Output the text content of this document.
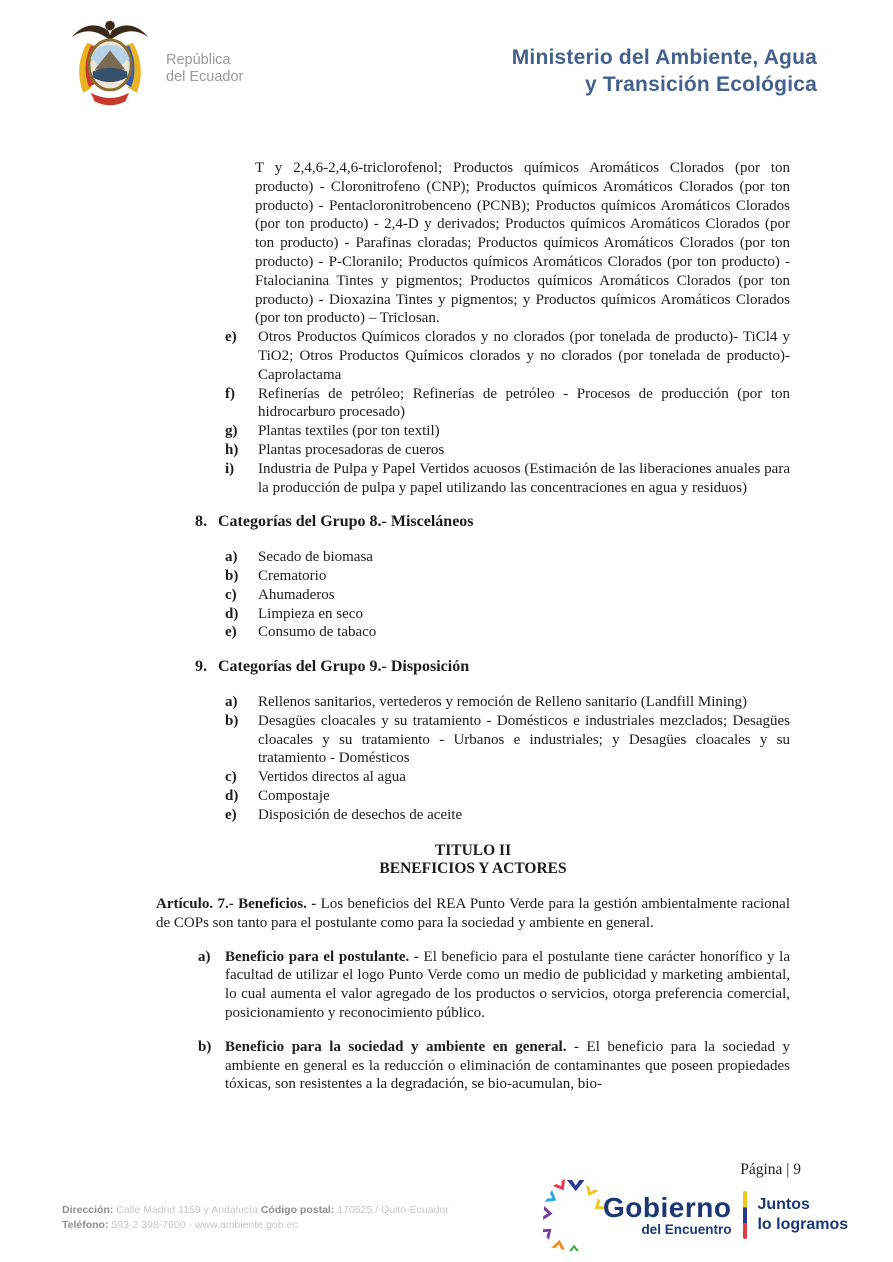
República
del Ecuador
Ministerio del Ambiente, Agua
y Transición Ecológica
T y 2,4,6-2,4,6-triclorofenol; Productos químicos Aromáticos Clorados (por ton producto) - Cloronitrofeno (CNP); Productos químicos Aromáticos Clorados (por ton producto) - Pentacloronitrobenceno (PCNB); Productos químicos Aromáticos Clorados (por ton producto) - 2,4-D y derivados; Productos químicos Aromáticos Clorados (por ton producto) - Parafinas cloradas; Productos químicos Aromáticos Clorados (por ton producto) - P-Cloranilo; Productos químicos Aromáticos Clorados (por ton producto) - Ftalocianina Tintes y pigmentos; Productos químicos Aromáticos Clorados (por ton producto) - Dioxazina Tintes y pigmentos; y Productos químicos Aromáticos Clorados (por ton producto) – Triclosan.
e) Otros Productos Químicos clorados y no clorados (por tonelada de producto)- TiCl4 y TiO2; Otros Productos Químicos clorados y no clorados (por tonelada de producto)- Caprolactama
f) Refinerías de petróleo; Refinerías de petróleo - Procesos de producción (por ton hidrocarburo procesado)
g) Plantas textiles (por ton textil)
h) Plantas procesadoras de cueros
i) Industria de Pulpa y Papel Vertidos acuosos (Estimación de las liberaciones anuales para la producción de pulpa y papel utilizando las concentraciones en agua y residuos)
8. Categorías del Grupo 8.- Misceláneos
a) Secado de biomasa
b) Crematorio
c) Ahumaderos
d) Limpieza en seco
e) Consumo de tabaco
9. Categorías del Grupo 9.- Disposición
a) Rellenos sanitarios, vertederos y remoción de Relleno sanitario (Landfill Mining)
b) Desagües cloacales y su tratamiento - Domésticos e industriales mezclados; Desagües cloacales y su tratamiento - Urbanos e industriales; y Desagües cloacales y su tratamiento - Domésticos
c) Vertidos directos al agua
d) Compostaje
e) Disposición de desechos de aceite
TITULO II
BENEFICIOS Y ACTORES
Artículo. 7.- Beneficios. - Los beneficios del REA Punto Verde para la gestión ambientalmente racional de COPs son tanto para el postulante como para la sociedad y ambiente en general.
a) Beneficio para el postulante. - El beneficio para el postulante tiene carácter honorífico y la facultad de utilizar el logo Punto Verde como un medio de publicidad y marketing ambiental, lo cual aumenta el valor agregado de los productos o servicios, otorga preferencia comercial, posicionamiento y reconocimiento público.
b) Beneficio para la sociedad y ambiente en general. - El beneficio para la sociedad y ambiente en general es la reducción o eliminación de contaminantes que poseen propiedades tóxicas, son resistentes a la degradación, se bio-acumulan, bio-
Página | 9
Dirección: Calle Madrid 1159 y Andalucía Código postal: 170525 / Quito-Ecuador
Teléfono: 593-2 398-7600 - www.ambiente.gob.ec
Gobierno
del Encuentro
Juntos
lo logramos
